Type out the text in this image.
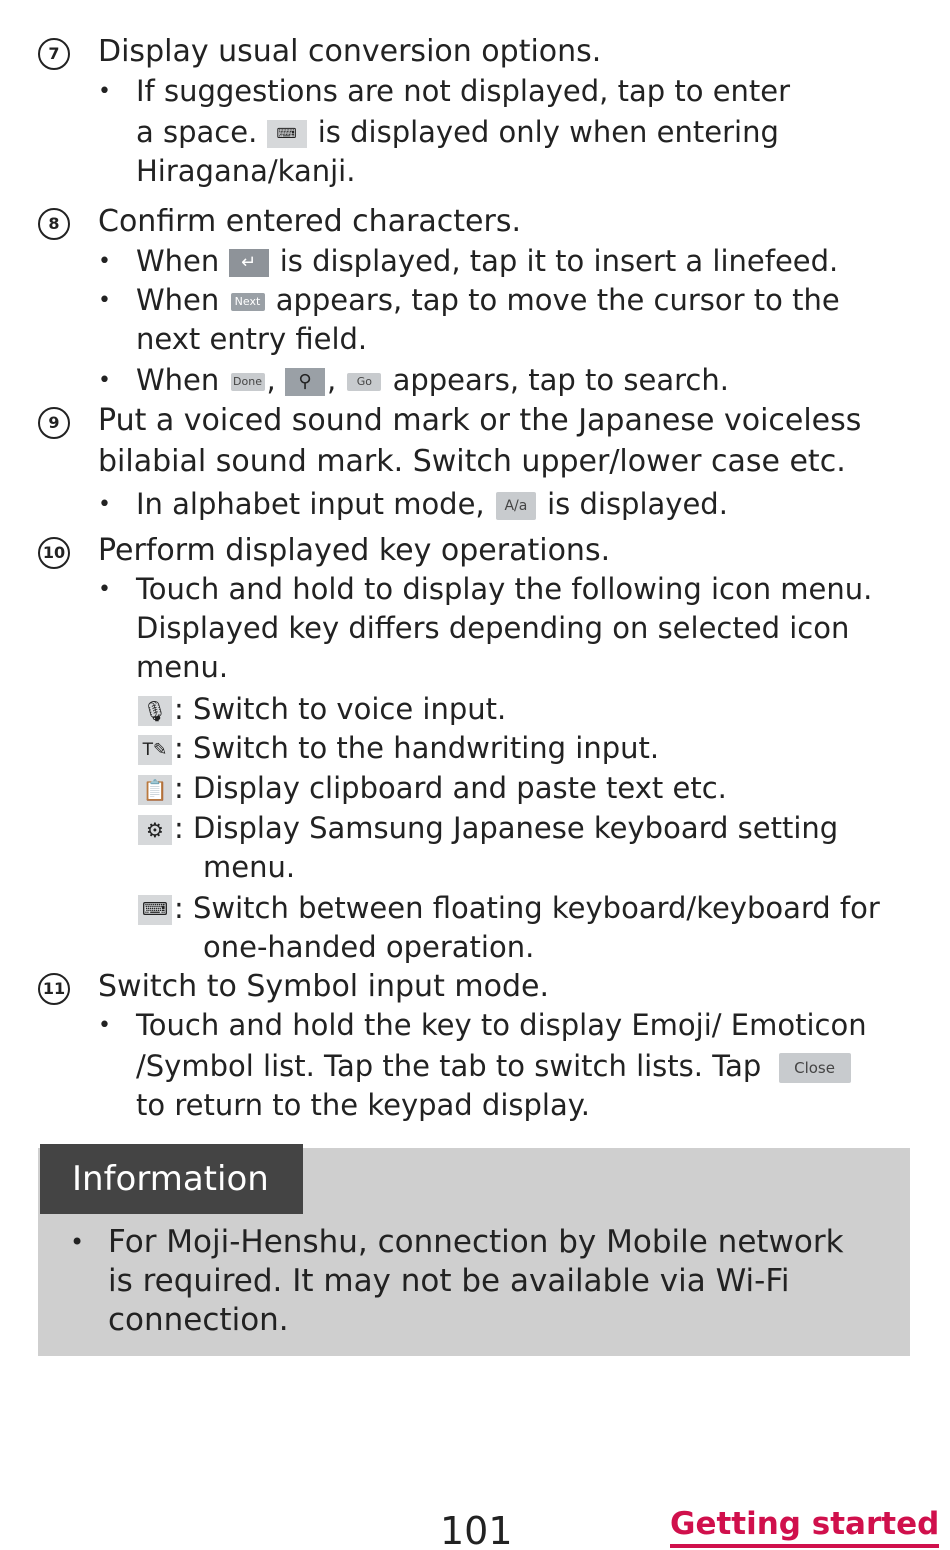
7	Display usual conversion options.
• If suggestions are not displayed, tap to enter
a space. ⌨ is displayed only when entering
Hiragana/kanji.
8	Confirm entered characters.
• When ↵ is displayed, tap it to insert a linefeed.
• When Next appears, tap to move the cursor to the
next entry field.
• When Done , ⚲ , Go appears, tap to search.
9	Put a voiced sound mark or the Japanese voiceless
bilabial sound mark. Switch upper/lower case etc.
• In alphabet input mode, A/a is displayed.
10 Perform displayed key operations.
• Touch and hold to display the following icon menu.
Displayed key differs depending on selected icon
menu.
🎙 : Switch to voice input.
T✎ : Switch to the handwriting input.
📋 : Display clipboard and paste text etc.
⚙ : Display Samsung Japanese keyboard setting
menu.
⌨ : Switch between floating keyboard/keyboard for
one-handed operation.
11 Switch to Symbol input mode.
• Touch and hold the key to display Emoji/ Emoticon
/Symbol list. Tap the tab to switch lists. Tap Close
to return to the keypad display.
Information
• For Moji-Henshu, connection by Mobile network
is required. It may not be available via Wi-Fi
connection.
101	Getting started
